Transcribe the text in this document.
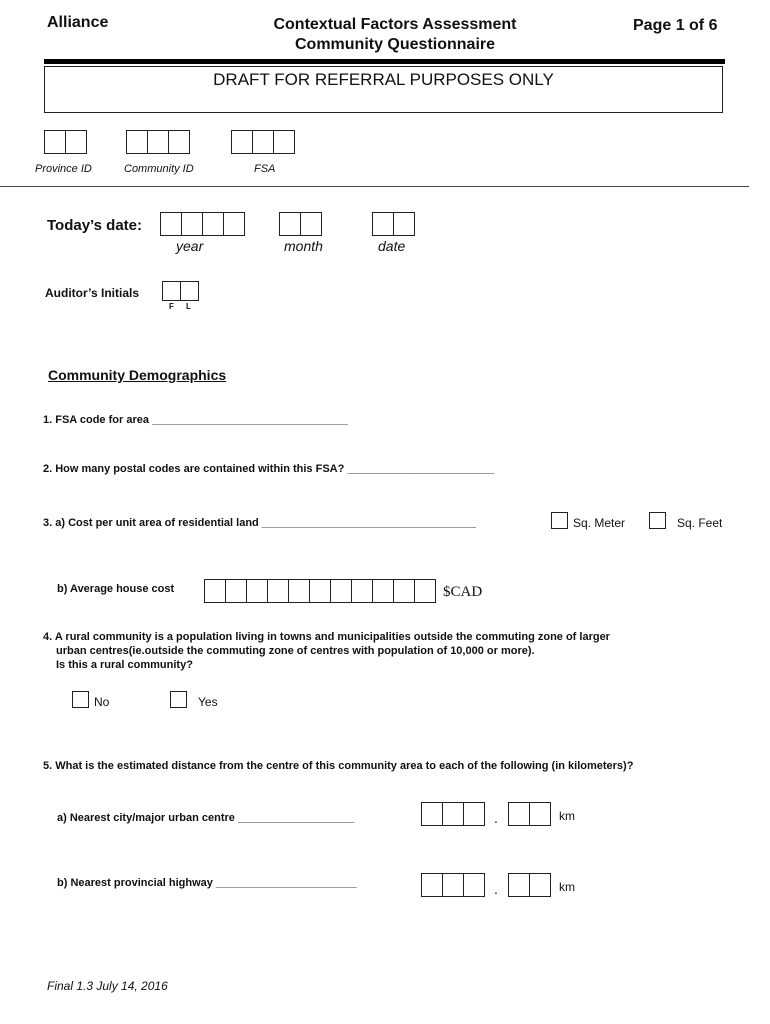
Alliance	Contextual Factors Assessment
Community Questionnaire
Page 1 of 6
DRAFT FOR REFERRAL PURPOSES ONLY
Province ID	Community ID	FSA
Today’s date:
year	month	date
Auditor’s Initials
F L
Community Demographics
1. FSA code for area ________________________________
2. How many postal codes are contained within this FSA? ________________________
3. a) Cost per unit area of residential land ___________________________________	Sq. Meter	Sq. Feet
b) Average house cost	$CAD
4. A rural community is a population living in towns and municipalities outside the commuting zone of larger
urban centres(ie.outside the commuting zone of centres with population of 10,000 or more).
Is this a rural community?
No	Yes
5. What is the estimated distance from the centre of this community area to each of the following (in kilometers)?
a) Nearest city/major urban centre ___________________	.	km
b) Nearest provincial highway _______________________	.	km
Final 1.3 July 14, 2016
